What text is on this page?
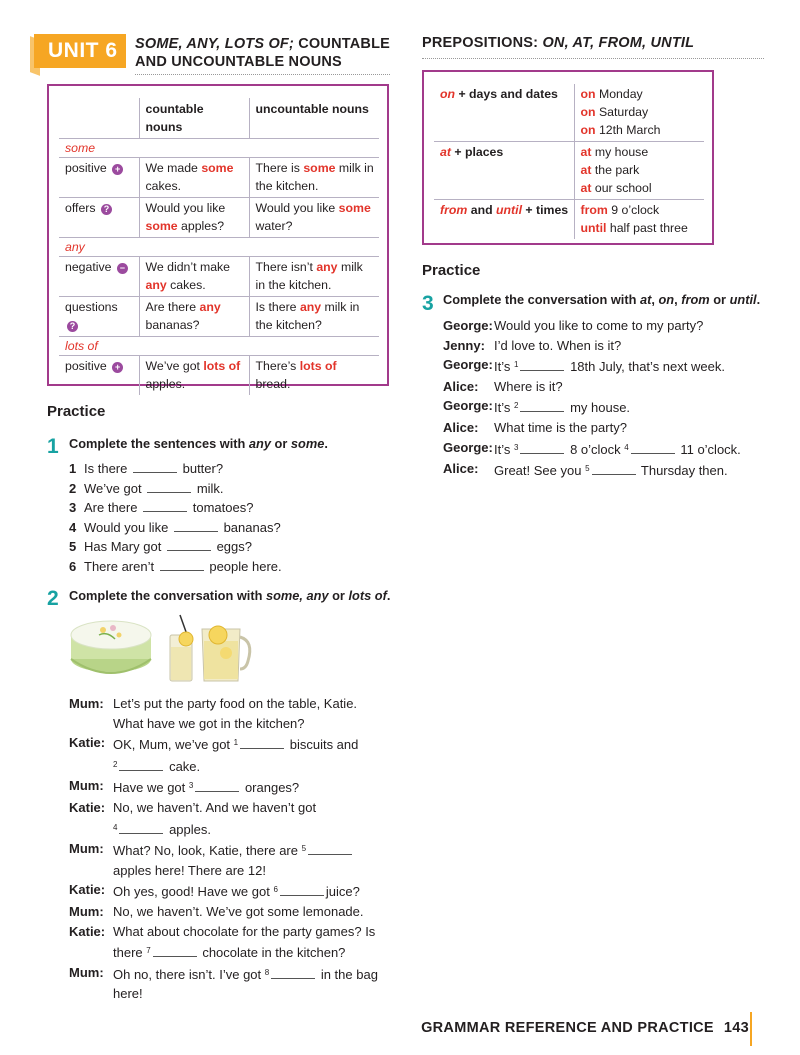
UNIT 6	SOME, ANY, LOTS OF; COUNTABLE
AND UNCOUNTABLE NOUNS
	countable nouns	uncountable nouns
some		
positive +	We made some cakes.	There is some milk in the kitchen.
offers ?	Would you like some apples?	Would you like some water?
any		
negative −	We didn’t make any cakes.	There isn’t any milk in the kitchen.
questions ?	Are there any bananas?	Is there any milk in the kitchen?
lots of		
positive +	We’ve got lots of apples.	There’s lots of bread.
PREPOSITIONS: ON, AT, FROM, UNTIL
on + days and dates	on Monday
on Saturday
on 12th March

at + places	at my house
at the park
at our school

from and until + times	from 9 o’clock
until half past three
Practice
1 Complete the sentences with any or some.
1 Is there	butter?
2 We’ve got	milk.
3 Are there	tomatoes?
4 Would you like	bananas?
5 Has Mary got	eggs?
6 There aren’t	people here.
2 Complete the conversation with some, any or lots of.
Mum: Let’s put the party food on the table, Katie.
What have we got in the kitchen?
Katie: OK, Mum, we’ve got $^1$	biscuits and
$^2$	cake.
Mum: Have we got $^3$	oranges?
Katie: No, we haven’t. And we haven’t got
$^4$	apples.
Mum: What? No, look, Katie, there are $^5$
apples here! There are 12!
Katie: Oh yes, good! Have we got $^6$	juice?
Mum: No, we haven’t. We’ve got some lemonade.
Katie: What about chocolate for the party games? Is
there $^7$	chocolate in the kitchen?
Mum: Oh no, there isn’t. I’ve got $^8$	in the bag
here!
Practice
3 Complete the conversation with at, on, from or until.
George: Would you like to come to my party?
Jenny: I’d love to. When is it?
George: It’s $^1$	18th July, that’s next week.
Alice:	Where is it?
George: It’s $^2$	my house.
Alice:	What time is the party?
George: It’s $^3$	8 o’clock $^4$	11 o’clock.
Alice:	Great! See you $^5$	Thursday then.
GRAMMAR REFERENCE AND PRACTICE 143
